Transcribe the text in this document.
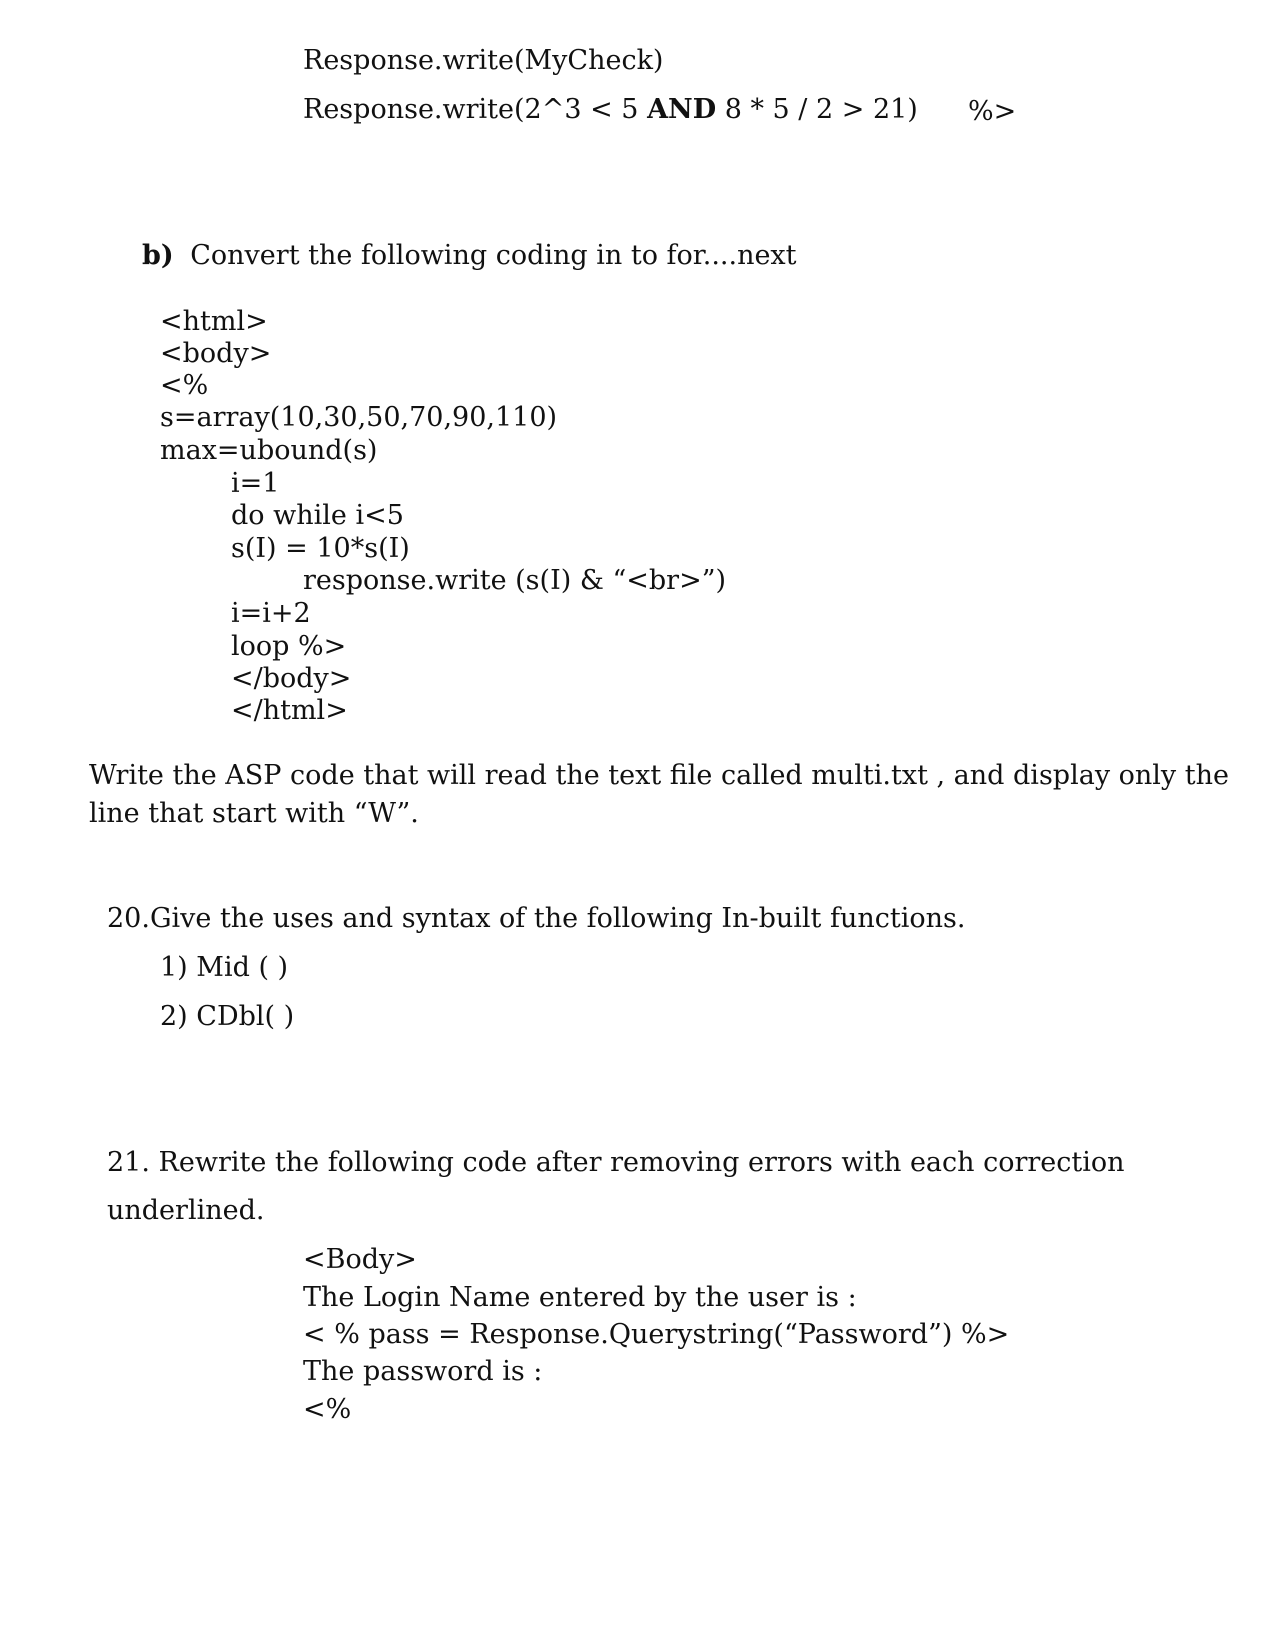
Response.write(MyCheck)
Response.write(2^3 < 5 AND 8 * 5 / 2 > 21) %>
b) Convert the following coding in to for....next
<html>
<body>
<%
s=array(10,30,50,70,90,110)
max=ubound(s)
i=1
do while i<5
s(I) = 10*s(I)
response.write (s(I) & “<br>”)
i=i+2
loop %>
</body>
</html>
Write the ASP code that will read the text file called multi.txt , and display only the
line that start with “W”.
20.Give the uses and syntax of the following In-built functions.
1) Mid ( )
2) CDbl( )
21. Rewrite the following code after removing errors with each correction
underlined.
<Body>
The Login Name entered by the user is :
< % pass = Response.Querystring(“Password”) %>
The password is :
<%
